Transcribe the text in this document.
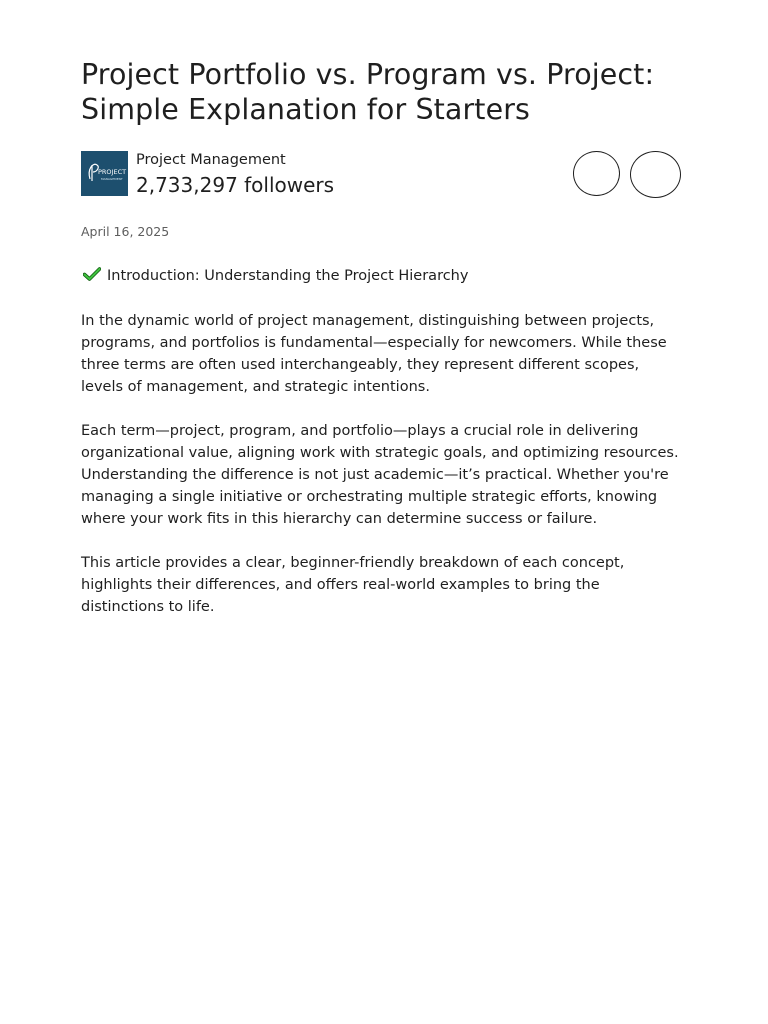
Project Portfolio vs. Program vs. Project: Simple Explanation for Starters
PROJECT
MANAGEMENT
Project Management
2,733,297 followers
April 16, 2025
Introduction: Understanding the Project Hierarchy

In the dynamic world of project management, distinguishing between projects, programs, and portfolios is fundamental—especially for newcomers. While these three terms are often used interchangeably, they represent different scopes, levels of management, and strategic intentions.

Each term—project, program, and portfolio—plays a crucial role in delivering organizational value, aligning work with strategic goals, and optimizing resources. Understanding the difference is not just academic—it’s practical. Whether you're managing a single initiative or orchestrating multiple strategic efforts, knowing where your work fits in this hierarchy can determine success or failure.

This article provides a clear, beginner-friendly breakdown of each concept, highlights their differences, and offers real-world examples to bring the distinctions to life.
